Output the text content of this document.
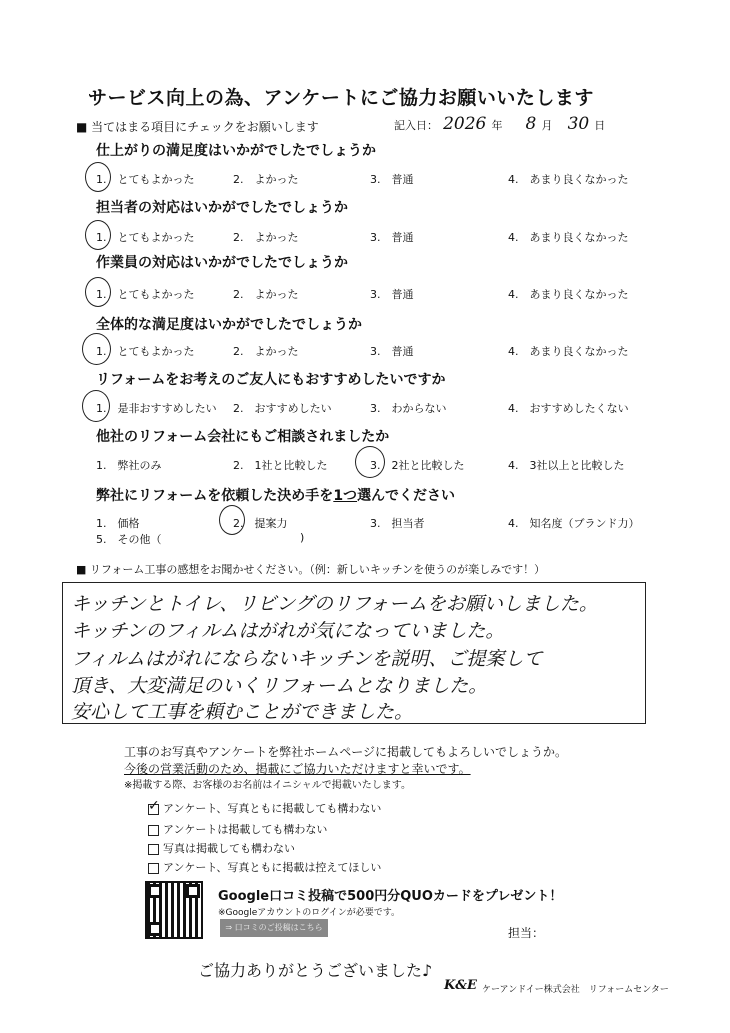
サービス向上の為、アンケートにご協力お願いいたします
■ 当てはまる項目にチェックをお願いします	記入日： 2026 年 8 月 30 日
仕上がりの満足度はいかがでしたでしょうか
1.　とてもよかった	2.　よかった	3.　普通	4.　あまり良くなかった
担当者の対応はいかがでしたでしょうか
1.　とてもよかった	2.　よかった	3.　普通	4.　あまり良くなかった
作業員の対応はいかがでしたでしょうか
1.　とてもよかった	2.　よかった	3.　普通	4.　あまり良くなかった
全体的な満足度はいかがでしたでしょうか
1.　とてもよかった	2.　よかった	3.　普通	4.　あまり良くなかった
リフォームをお考えのご友人にもおすすめしたいですか
1.　是非おすすめしたい 2.　おすすめしたい	3.　わからない	4.　おすすめしたくない
他社のリフォーム会社にもご相談されましたか
1.　弊社のみ	2.　1社と比較した	3.　2社と比較した	4.　3社以上と比較した
弊社にリフォームを依頼した決め手を1つ選んでください
1.　価格	2.　提案力	3.　担当者	4.　知名度（ブランド力）
5.　その他（	)
■ リフォーム工事の感想をお聞かせください。（例：新しいキッチンを使うのが楽しみです！）
キッチンとトイレ、リビングのリフォームをお願いしました。
キッチンのフィルムはがれが気になっていました。
フィルムはがれにならないキッチンを説明、ご提案して
頂き、大変満足のいくリフォームとなりました。
安心して工事を頼むことができました。
工事のお写真やアンケートを弊社ホームページに掲載してもよろしいでしょうか。
今後の営業活動のため、掲載にご協力いただけますと幸いです。
※掲載する際、お客様のお名前はイニシャルで掲載いたします。
✓ アンケート、写真ともに掲載しても構わない
アンケートは掲載しても構わない
写真は掲載しても構わない
アンケート、写真ともに掲載は控えてほしい
Google口コミ投稿で500円分QUOカードをプレゼント！
※Googleアカウントのログインが必要です。
⇒ 口コミのご投稿はこちら	担当：
ご協力ありがとうございました♪
K&E ケーアンドイー株式会社　リフォームセンター
